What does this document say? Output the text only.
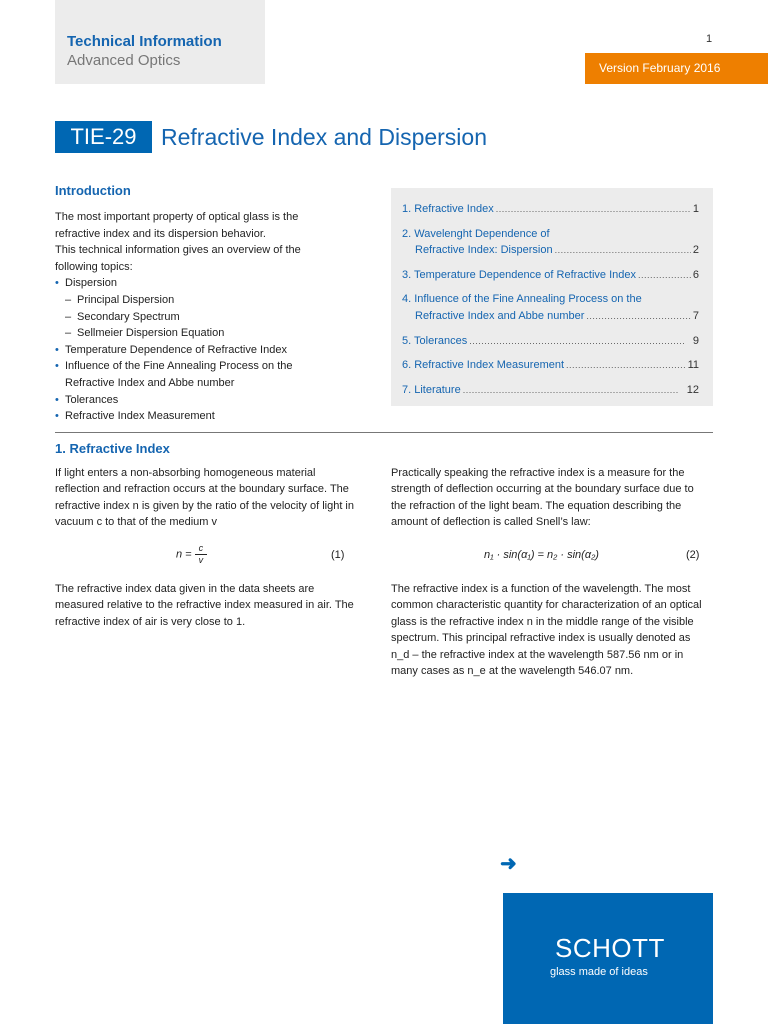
Technical Information
Advanced Optics
1
Version February 2016
TIE-29	Refractive Index and Dispersion
Introduction
The most important property of optical glass is the
refractive index and its dispersion behavior.
This technical information gives an overview of the
following topics:
• Dispersion
– Principal Dispersion
– Secondary Spectrum
– Sellmeier Dispersion Equation
• Temperature Dependence of Refractive Index
• Influence of the Fine Annealing Process on the
Refractive Index and Abbe number
• Tolerances
• Refractive Index Measurement
1. Refractive Index . . .	1
2. Wavelenght Dependence of
Refractive Index: Dispersion . . .	2
3. Temperature Dependence of Refractive Index . . .	6
4. Influence of the Fine Annealing Process on the
Refractive Index and Abbe number . . .	7
5. Tolerances . . .	9
6. Refractive Index Measurement . . .	11
7. Literature . . .	12
1. Refractive Index
If light enters a non-absorbing homogeneous material reflection and refraction occurs at the boundary surface. The refractive index n is given by the ratio of the velocity of light in vacuum c to that of the medium v
$n = \frac{c}{v}$	(1)
The refractive index data given in the data sheets are measured relative to the refractive index measured in air. The refractive index of air is very close to 1.
Practically speaking the refractive index is a measure for the strength of deflection occurring at the boundary surface due to the refraction of the light beam. The equation describing the amount of deflection is called Snell’s law:
n₁ · sin(α₁) = n₂ · sin(α₂)	(2)
The refractive index is a function of the wavelength. The most common characteristic quantity for characterization of an optical glass is the refractive index n in the middle range of the visible spectrum. This principal refractive index is usually denoted as n_d – the refractive index at the wavelength 587.56 nm or in many cases as n_e at the wavelength 546.07 nm.
➜
SCHOTT
glass made of ideas
